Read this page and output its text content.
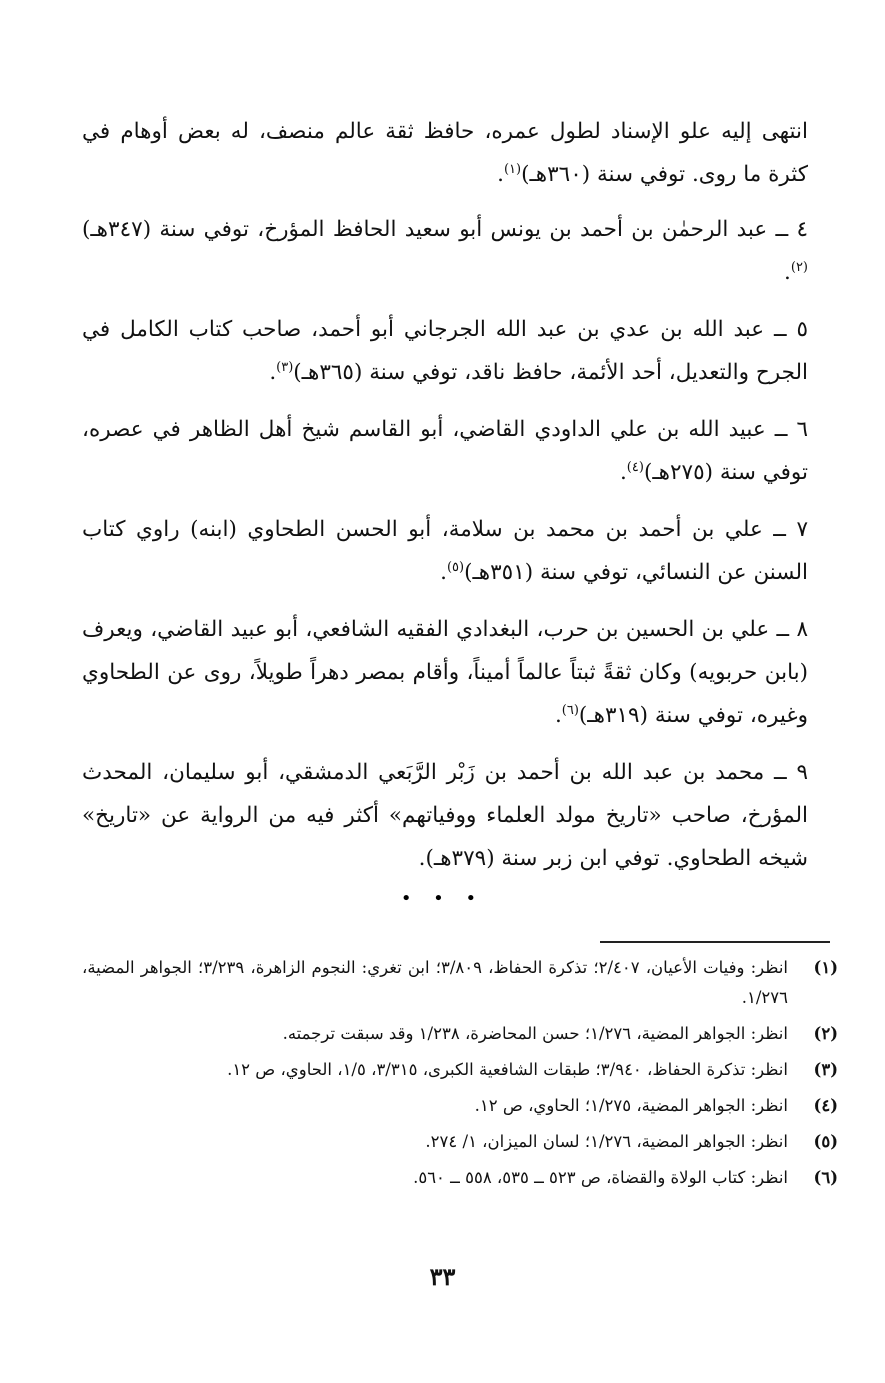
انتهى إليه علو الإسناد لطول عمره، حافظ ثقة عالم منصف، له بعض أوهام في كثرة ما روى. توفي سنة (٣٦٠هـ)$^{(١)}$.

٤ ــ عبد الرحمٰن بن أحمد بن يونس أبو سعيد الحافظ المؤرخ، توفي سنة (٣٤٧هـ)$^{(٢)}$.

٥ ــ عبد الله بن عدي بن عبد الله الجرجاني أبو أحمد، صاحب كتاب الكامل في الجرح والتعديل، أحد الأئمة، حافظ ناقد، توفي سنة (٣٦٥هـ)$^{(٣)}$.

٦ ــ عبيد الله بن علي الداودي القاضي، أبو القاسم شيخ أهل الظاهر في عصره، توفي سنة (٢٧٥هـ)$^{(٤)}$.

٧ ــ علي بن أحمد بن محمد بن سلامة، أبو الحسن الطحاوي (ابنه) راوي كتاب السنن عن النسائي، توفي سنة (٣٥١هـ)$^{(٥)}$.

٨ ــ علي بن الحسين بن حرب، البغدادي الفقيه الشافعي، أبو عبيد القاضي، ويعرف (بابن حربويه) وكان ثقةً ثبتاً عالماً أميناً، وأقام بمصر دهراً طويلاً، روى عن الطحاوي وغيره، توفي سنة (٣١٩هـ)$^{(٦)}$.

٩ ــ محمد بن عبد الله بن أحمد بن زَبْر الرَّبَعي الدمشقي، أبو سليمان، المحدث المؤرخ، صاحب «تاريخ مولد العلماء ووفياتهم» أكثر فيه من الرواية عن «تاريخ» شيخه الطحاوي. توفي ابن زبر سنة (٣٧٩هـ).

• • •
(١)
انظر: وفيات الأعيان، ٢/٤٠٧؛ تذكرة الحفاظ، ٣/٨٠٩؛ ابن تغري: النجوم الزاهرة، ٣/٢٣٩؛ الجواهر المضية، ١/٢٧٦.
(٢)
انظر: الجواهر المضية، ١/٢٧٦؛ حسن المحاضرة، ١/٢٣٨ وقد سبقت ترجمته.
(٣)
انظر: تذكرة الحفاظ، ٣/٩٤٠؛ طبقات الشافعية الكبرى، ٣/٣١٥، ١/٥، الحاوي، ص ١٢.
(٤)
انظر: الجواهر المضية، ١/٢٧٥؛ الحاوي، ص ١٢.
(٥)
انظر: الجواهر المضية، ١/٢٧٦؛ لسان الميزان، ١/ ٢٧٤.
(٦)
انظر: كتاب الولاة والقضاة، ص ٥٢٣ ــ ٥٣٥، ٥٥٨ ــ ٥٦٠.
٣٣
